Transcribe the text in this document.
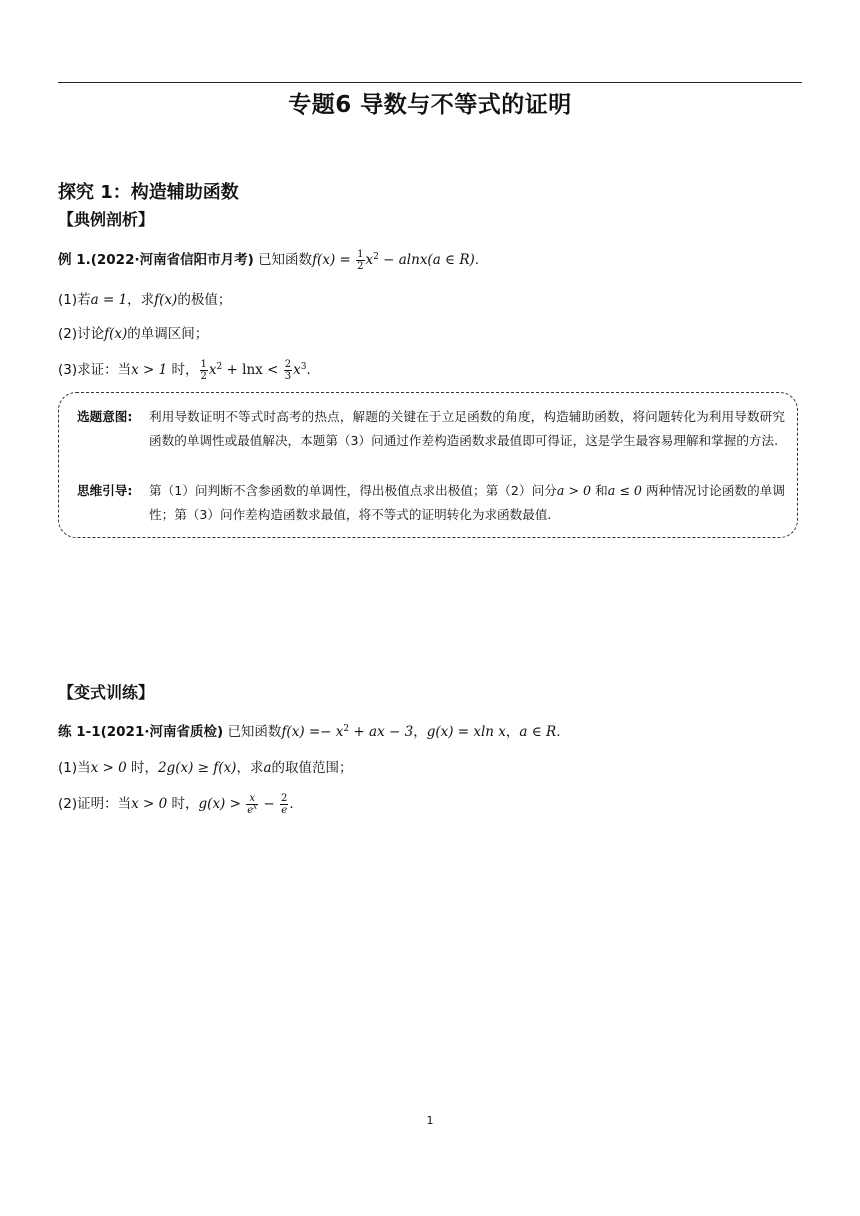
专题6 导数与不等式的证明
探究 1：构造辅助函数
【典例剖析】
例 1.(2022·河南省信阳市月考) 已知函数$f(x) = \frac{1}{2} x^2 - alnx(a$ ∈ R).
(1)若a = 1，求f(x)的极值；
(2)讨论f(x)的单调区间；
(3)求证：当x > 1 时， $\frac{1}{2} x^2 + \ln x < \frac{2}{3} x^3$.
选题意图: 利用导数证明不等式时高考的热点，解题的关键在于立足函数的角度，构造辅助函数，将问题转化为利用导数研究函数的单调性或最值解决，本题第（3）问通过作差构造函数求最值即可得证，这是学生最容易理解和掌握的方法.
思维引导: 第（1）问判断不含参函数的单调性，得出极值点求出极值；第（2）问分a > 0 和a ≤ 0 两种情况讨论函数的单调性；第（3）问作差构造函数求最值，将不等式的证明转化为求函数最值.
【变式训练】
练 1-1(2021·河南省质检) 已知函数$f(x) =- x^2$ + ax − 3，g(x) = xln x，a ∈ R.
(1)当x > 0 时，2g(x) ≥ f(x)，求a的取值范围；
(2)证明：当x > 0 时，$g(x) > \frac{x}{e^x} - \frac{2}{e}$ .
1
